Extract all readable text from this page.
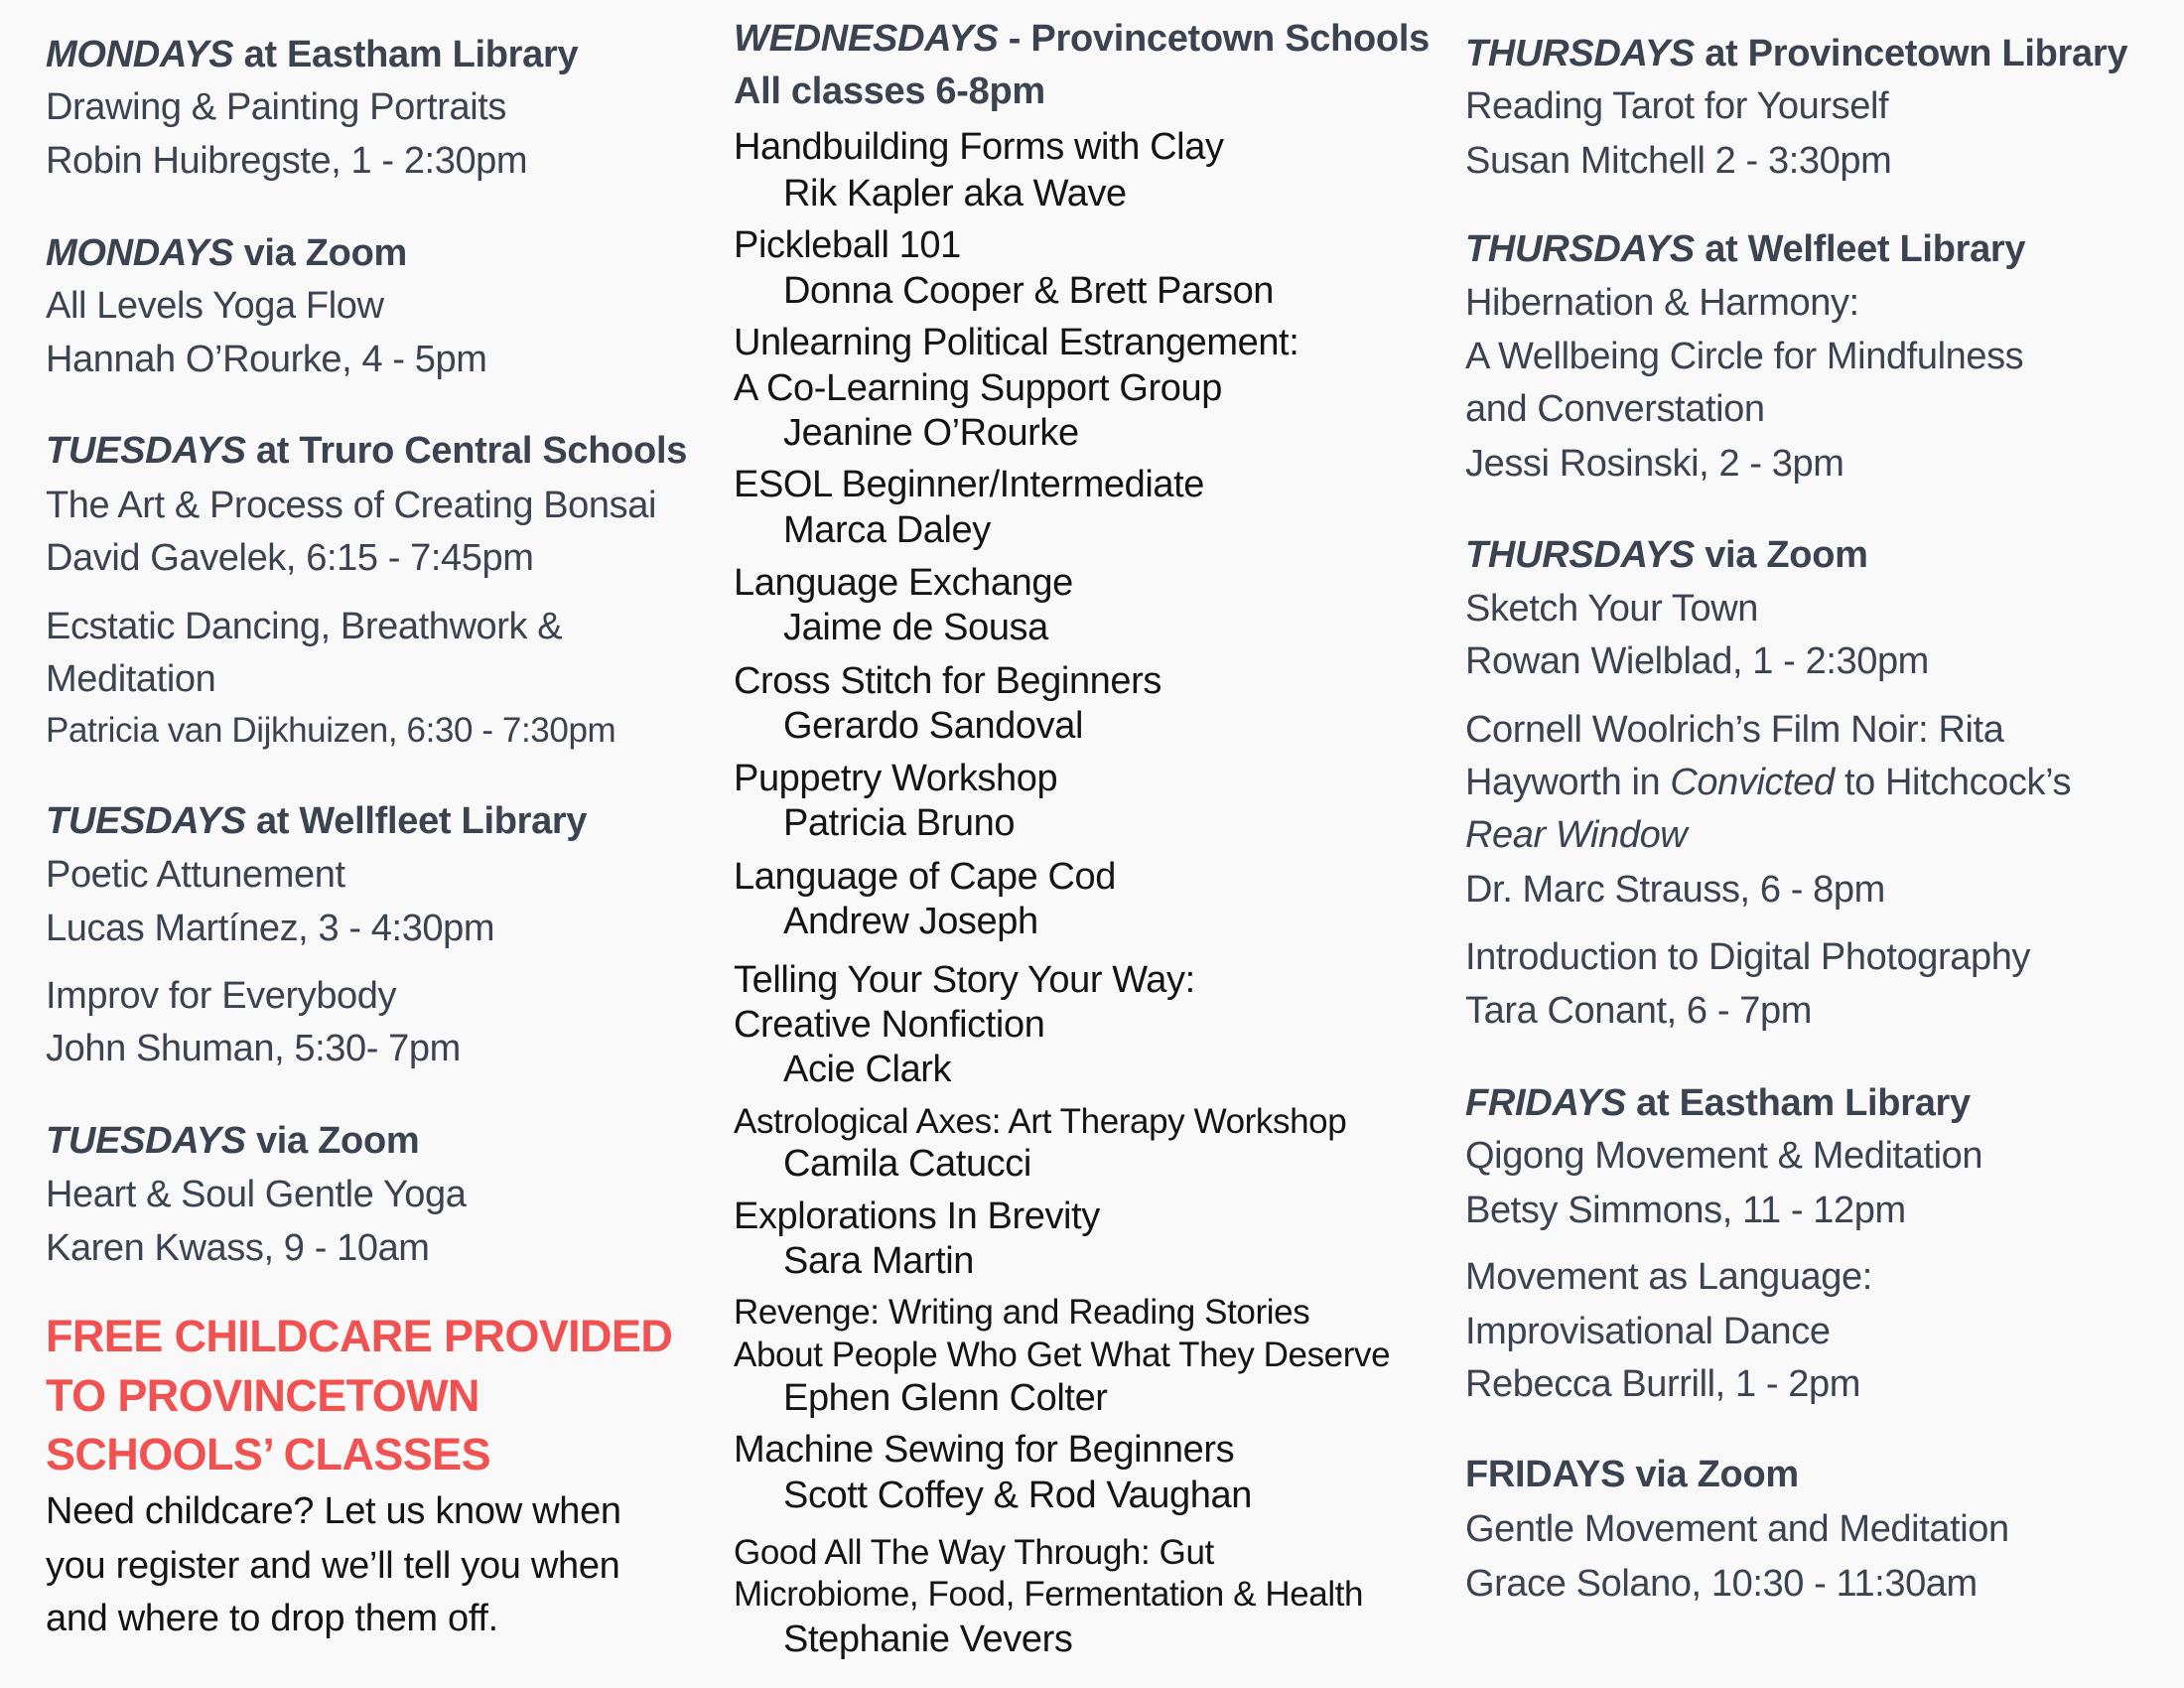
MONDAYS at Eastham Library
Drawing & Painting Portraits
Robin Huibregste, 1 - 2:30pm
MONDAYS via Zoom
All Levels Yoga Flow
Hannah O’Rourke, 4 - 5pm
TUESDAYS at Truro Central Schools
The Art & Process of Creating Bonsai
David Gavelek, 6:15 - 7:45pm
Ecstatic Dancing, Breathwork &
Meditation
Patricia van Dijkhuizen, 6:30 - 7:30pm
TUESDAYS at Wellfleet Library
Poetic Attunement
Lucas Martínez, 3 - 4:30pm
Improv for Everybody
John Shuman, 5:30- 7pm
TUESDAYS via Zoom
Heart & Soul Gentle Yoga
Karen Kwass, 9 - 10am
FREE CHILDCARE PROVIDED
TO PROVINCETOWN
SCHOOLS’ CLASSES
Need childcare? Let us know when
you register and we’ll tell you when
and where to drop them off.
WEDNESDAYS - Provincetown Schools
All classes 6-8pm
Handbuilding Forms with Clay
Rik Kapler aka Wave
Pickleball 101
Donna Cooper & Brett Parson
Unlearning Political Estrangement:
A Co-Learning Support Group
Jeanine O’Rourke
ESOL Beginner/Intermediate
Marca Daley
Language Exchange
Jaime de Sousa
Cross Stitch for Beginners
Gerardo Sandoval
Puppetry Workshop
Patricia Bruno
Language of Cape Cod
Andrew Joseph
Telling Your Story Your Way:
Creative Nonfiction
Acie Clark
Astrological Axes: Art Therapy Workshop
Camila Catucci
Explorations In Brevity
Sara Martin
Revenge: Writing and Reading Stories
About People Who Get What They Deserve
Ephen Glenn Colter
Machine Sewing for Beginners
Scott Coffey & Rod Vaughan
Good All The Way Through: Gut
Microbiome, Food, Fermentation & Health
Stephanie Vevers
THURSDAYS at Provincetown Library
Reading Tarot for Yourself
Susan Mitchell 2 - 3:30pm
THURSDAYS at Welfleet Library
Hibernation & Harmony:
A Wellbeing Circle for Mindfulness
and Converstation
Jessi Rosinski, 2 - 3pm
THURSDAYS via Zoom
Sketch Your Town
Rowan Wielblad, 1 - 2:30pm
Cornell Woolrich’s Film Noir: Rita
Hayworth in Convicted to Hitchcock’s
Rear Window
Dr. Marc Strauss, 6 - 8pm
Introduction to Digital Photography
Tara Conant, 6 - 7pm
FRIDAYS at Eastham Library
Qigong Movement & Meditation
Betsy Simmons, 11 - 12pm
Movement as Language:
Improvisational Dance
Rebecca Burrill, 1 - 2pm
FRIDAYS via Zoom
Gentle Movement and Meditation
Grace Solano, 10:30 - 11:30am
